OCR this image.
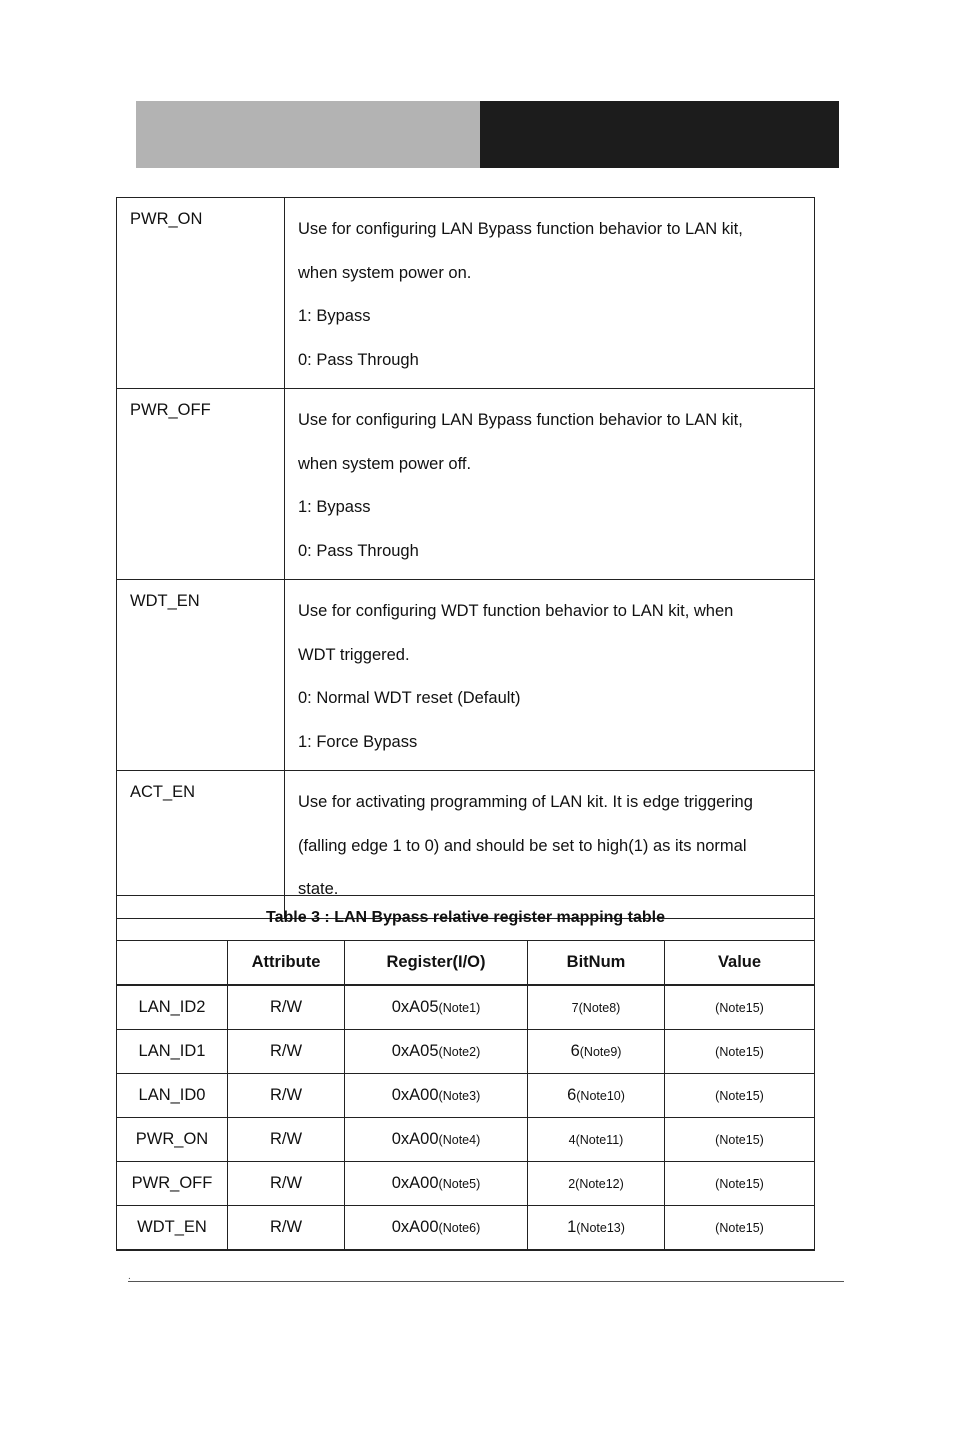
PWR_ON	Use for configuring LAN Bypass function behavior to LAN kit,
when system power on.
1: Bypass
0: Pass Through

PWR_OFF	Use for configuring LAN Bypass function behavior to LAN kit,
when system power off.
1: Bypass
0: Pass Through

WDT_EN	Use for configuring WDT function behavior to LAN kit, when
WDT triggered.
0: Normal WDT reset (Default)
1: Force Bypass

ACT_EN	Use for activating programming of LAN kit. It is edge triggering
(falling edge 1 to 0) and should be set to high(1) as its normal
state.
Table 3 : LAN Bypass relative register mapping table				
	Attribute	Register(I/O)	BitNum	Value
LAN_ID2	R/W	0xA05(Note1)	7(Note8)	(Note15)
LAN_ID1	R/W	0xA05(Note2)	6(Note9)	(Note15)
LAN_ID0	R/W	0xA00(Note3)	6(Note10)	(Note15)
PWR_ON	R/W	0xA00(Note4)	4(Note11)	(Note15)
PWR_OFF	R/W	0xA00(Note5)	2(Note12)	(Note15)
WDT_EN	R/W	0xA00(Note6)	1(Note13)	(Note15)
.
